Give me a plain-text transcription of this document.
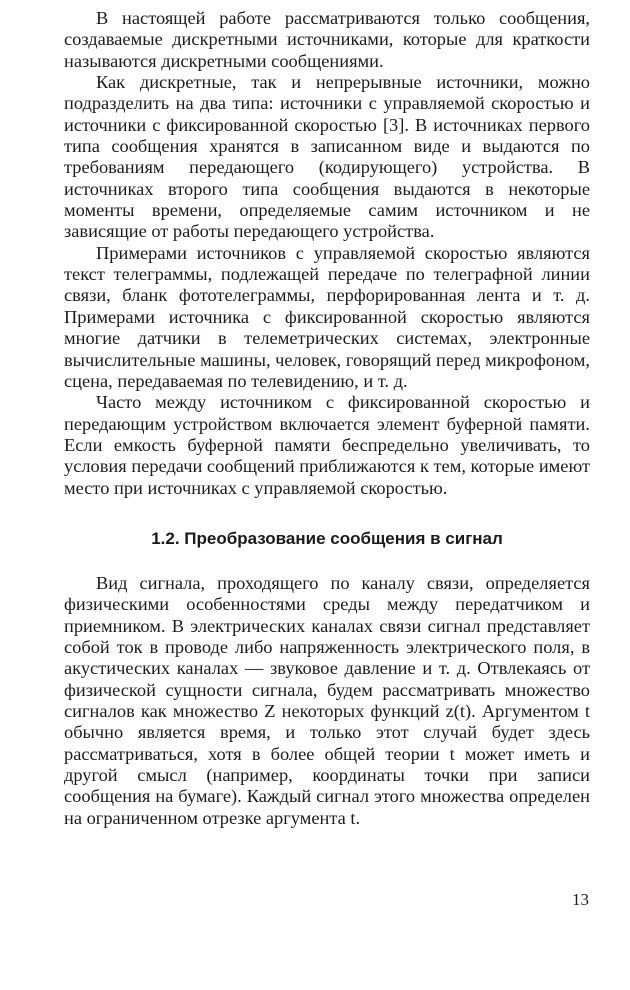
В настоящей работе рассматриваются только сообщения, создаваемые дискретными источниками, которые для краткости называются дискретными сообщениями.

Как дискретные, так и непрерывные источники, можно подразделить на два типа: источники с управляемой скоростью и источники с фиксированной скоростью [3]. В источниках первого типа сообщения хранятся в записанном виде и выдаются по требованиям передающего (кодирующего) устройства. В источниках второго типа сообщения выдаются в некоторые моменты времени, определяемые самим источником и не зависящие от работы передающего устройства.

Примерами источников с управляемой скоростью являются текст телеграммы, подлежащей передаче по телеграфной линии связи, бланк фототелеграммы, перфорированная лента и т. д. Примерами источника с фиксированной скоростью являются многие датчики в телеметрических системах, электронные вычислительные машины, человек, говорящий перед микрофоном, сцена, передаваемая по телевидению, и т. д.

Часто между источником с фиксированной скоростью и передающим устройством включается элемент буферной памяти. Если емкость буферной памяти беспредельно увеличивать, то условия передачи сообщений приближаются к тем, которые имеют место при источниках с управляемой скоростью.

1.2. Преобразование сообщения в сигнал

Вид сигнала, проходящего по каналу связи, определяется физическими особенностями среды между передатчиком и приемником. В электрических каналах связи сигнал представляет собой ток в проводе либо напряженность электрического поля, в акустических каналах — звуковое давление и т. д. Отвлекаясь от физической сущности сигнала, будем рассматривать множество сигналов как множество Z некоторых функций z(t). Аргументом t обычно является время, и только этот случай будет здесь рассматриваться, хотя в более общей теории t может иметь и другой смысл (например, координаты точки при записи сообщения на бумаге). Каждый сигнал этого множества определен на ограниченном отрезке аргумента t.

13
